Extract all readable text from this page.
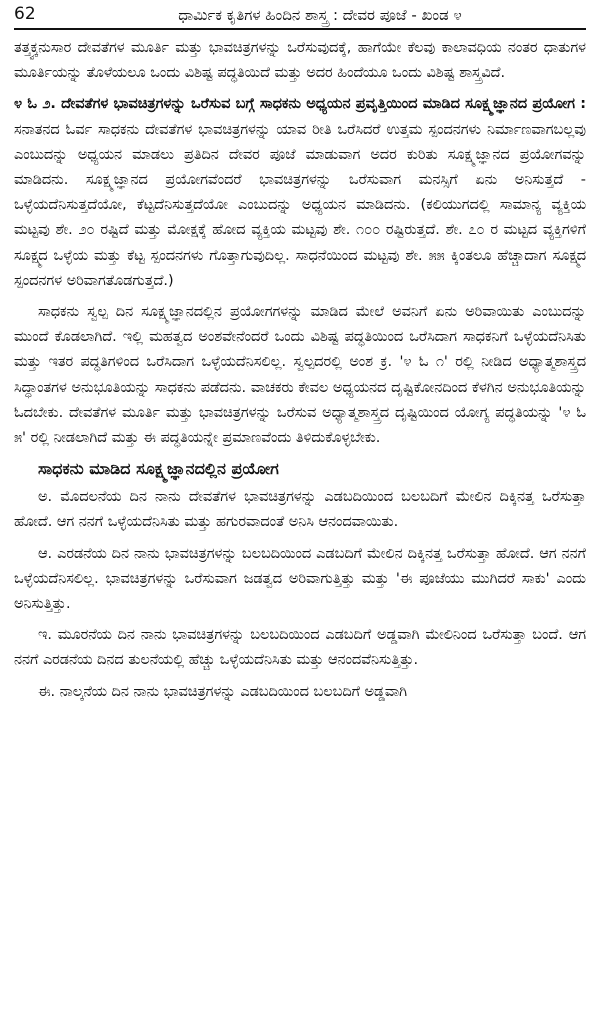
62	ಧಾರ್ಮಿಕ ಕೃತಿಗಳ ಹಿಂದಿನ ಶಾಸ್ತ್ರ : ದೇವರ ಪೂಜೆ - ಖಂಡ ೪

ತತ್ತ್ವಕ್ಕನುಸಾರ ದೇವತೆಗಳ ಮೂರ್ತಿ ಮತ್ತು ಭಾವಚಿತ್ರಗಳನ್ನು ಒರೆಸುವುದಕ್ಕೆ, ಹಾಗೆಯೇ ಕೆಲವು ಕಾಲಾವಧಿಯ ನಂತರ ಧಾತುಗಳ ಮೂರ್ತಿಯನ್ನು ತೊಳೆಯಲೂ ಒಂದು ವಿಶಿಷ್ಟ ಪದ್ಧತಿಯಿದೆ ಮತ್ತು ಅದರ ಹಿಂದೆಯೂ ಒಂದು ವಿಶಿಷ್ಟ ಶಾಸ್ತ್ರವಿದೆ.

೪ ಓ ೨. ದೇವತೆಗಳ ಭಾವಚಿತ್ರಗಳನ್ನು ಒರೆಸುವ ಬಗ್ಗೆ ಸಾಧಕನು ಅಧ್ಯಯನ ಪ್ರವೃತ್ತಿಯಿಂದ ಮಾಡಿದ ಸೂಕ್ಷ್ಮಜ್ಞಾನದ ಪ್ರಯೋಗ : ಸನಾತನದ ಓರ್ವ ಸಾಧಕನು ದೇವತೆಗಳ ಭಾವಚಿತ್ರಗಳನ್ನು ಯಾವ ರೀತಿ ಒರೆಸಿದರೆ ಉತ್ತಮ ಸ್ಪಂದನಗಳು ನಿರ್ಮಾಣವಾಗಬಲ್ಲವು ಎಂಬುದನ್ನು ಅಧ್ಯಯನ ಮಾಡಲು ಪ್ರತಿದಿನ ದೇವರ ಪೂಜೆ ಮಾಡುವಾಗ ಅದರ ಕುರಿತು ಸೂಕ್ಷ್ಮಜ್ಞಾನದ ಪ್ರಯೋಗವನ್ನು ಮಾಡಿದನು. ಸೂಕ್ಷ್ಮಜ್ಞಾನದ ಪ್ರಯೋಗವೆಂದರೆ ಭಾವಚಿತ್ರಗಳನ್ನು ಒರೆಸುವಾಗ ಮನಸ್ಸಿಗೆ ಏನು ಅನಿಸುತ್ತದೆ - ಒಳ್ಳೆಯದೆನಿಸುತ್ತದೆಯೋ, ಕೆಟ್ಟದೆನಿಸುತ್ತದೆಯೋ ಎಂಬುದನ್ನು ಅಧ್ಯಯನ ಮಾಡಿದನು. (ಕಲಿಯುಗದಲ್ಲಿ ಸಾಮಾನ್ಯ ವ್ಯಕ್ತಿಯ ಮಟ್ಟವು ಶೇ. ೨೦ ರಷ್ಟಿದೆ ಮತ್ತು ಮೋಕ್ಷಕ್ಕೆ ಹೋದ ವ್ಯಕ್ತಿಯ ಮಟ್ಟವು ಶೇ. ೧೦೦ ರಷ್ಟಿರುತ್ತದೆ. ಶೇ. ೭೦ ರ ಮಟ್ಟದ ವ್ಯಕ್ತಿಗಳಿಗೆ ಸೂಕ್ಷ್ಮದ ಒಳ್ಳೆಯ ಮತ್ತು ಕೆಟ್ಟ ಸ್ಪಂದನಗಳು ಗೊತ್ತಾಗುವುದಿಲ್ಲ. ಸಾಧನೆಯಿಂದ ಮಟ್ಟವು ಶೇ. ೫೫ ಕ್ಕಿಂತಲೂ ಹೆಚ್ಚಾದಾಗ ಸೂಕ್ಷ್ಮದ ಸ್ಪಂದನಗಳ ಅರಿವಾಗತೊಡಗುತ್ತದೆ.)

ಸಾಧಕನು ಸ್ವಲ್ಪ ದಿನ ಸೂಕ್ಷ್ಮಜ್ಞಾನದಲ್ಲಿನ ಪ್ರಯೋಗಗಳನ್ನು ಮಾಡಿದ ಮೇಲೆ ಅವನಿಗೆ ಏನು ಅರಿವಾಯಿತು ಎಂಬುದನ್ನು ಮುಂದೆ ಕೊಡಲಾಗಿದೆ. ಇಲ್ಲಿ ಮಹತ್ವದ ಅಂಶವೇನೆಂದರೆ ಒಂದು ವಿಶಿಷ್ಟ ಪದ್ಧತಿಯಿಂದ ಒರೆಸಿದಾಗ ಸಾಧಕನಿಗೆ ಒಳ್ಳೆಯದೆನಿಸಿತು ಮತ್ತು ಇತರ ಪದ್ಧತಿಗಳಿಂದ ಒರೆಸಿದಾಗ ಒಳ್ಳೆಯದೆನಿಸಲಿಲ್ಲ. ಸ್ವಲ್ಪದರಲ್ಲಿ ಅಂಶ ಕ್ರ. '೪ ಓ ೧' ರಲ್ಲಿ ನೀಡಿದ ಅಧ್ಯಾತ್ಮಶಾಸ್ತ್ರದ ಸಿದ್ಧಾಂತಗಳ ಅನುಭೂತಿಯನ್ನು ಸಾಧಕನು ಪಡೆದನು. ವಾಚಕರು ಕೇವಲ ಅಧ್ಯಯನದ ದೃಷ್ಟಿಕೋನದಿಂದ ಕೆಳಗಿನ ಅನುಭೂತಿಯನ್ನು ಓದಬೇಕು. ದೇವತೆಗಳ ಮೂರ್ತಿ ಮತ್ತು ಭಾವಚಿತ್ರಗಳನ್ನು ಒರೆಸುವ ಅಧ್ಯಾತ್ಮಶಾಸ್ತ್ರದ ದೃಷ್ಟಿಯಿಂದ ಯೋಗ್ಯ ಪದ್ಧತಿಯನ್ನು '೪ ಓ ೫' ರಲ್ಲಿ ನೀಡಲಾಗಿದೆ ಮತ್ತು ಈ ಪದ್ಧತಿಯನ್ನೇ ಪ್ರಮಾಣವೆಂದು ತಿಳಿದುಕೊಳ್ಳಬೇಕು.

ಸಾಧಕನು ಮಾಡಿದ ಸೂಕ್ಷ್ಮಜ್ಞಾನದಲ್ಲಿನ ಪ್ರಯೋಗ

ಅ. ಮೊದಲನೆಯ ದಿನ ನಾನು ದೇವತೆಗಳ ಭಾವಚಿತ್ರಗಳನ್ನು ಎಡಬದಿಯಿಂದ ಬಲಬದಿಗೆ ಮೇಲಿನ ದಿಕ್ಕಿನತ್ತ ಒರೆಸುತ್ತಾ ಹೋದೆ. ಆಗ ನನಗೆ ಒಳ್ಳೆಯದೆನಿಸಿತು ಮತ್ತು ಹಗುರವಾದಂತೆ ಅನಿಸಿ ಆನಂದವಾಯಿತು.

ಆ. ಎರಡನೆಯ ದಿನ ನಾನು ಭಾವಚಿತ್ರಗಳನ್ನು ಬಲಬದಿಯಿಂದ ಎಡಬದಿಗೆ ಮೇಲಿನ ದಿಕ್ಕಿನತ್ತ ಒರೆಸುತ್ತಾ ಹೋದೆ. ಆಗ ನನಗೆ ಒಳ್ಳೆಯದೆನಿಸಲಿಲ್ಲ. ಭಾವಚಿತ್ರಗಳನ್ನು ಒರೆಸುವಾಗ ಜಡತ್ವದ ಅರಿವಾಗುತ್ತಿತ್ತು ಮತ್ತು 'ಈ ಪೂಜೆಯು ಮುಗಿದರೆ ಸಾಕು' ಎಂದು ಅನಿಸುತ್ತಿತ್ತು.

ಇ. ಮೂರನೆಯ ದಿನ ನಾನು ಭಾವಚಿತ್ರಗಳನ್ನು ಬಲಬದಿಯಿಂದ ಎಡಬದಿಗೆ ಅಡ್ಡವಾಗಿ ಮೇಲಿನಿಂದ ಒರೆಸುತ್ತಾ ಬಂದೆ. ಆಗ ನನಗೆ ಎರಡನೆಯ ದಿನದ ತುಲನೆಯಲ್ಲಿ ಹೆಚ್ಚು ಒಳ್ಳೆಯದೆನಿಸಿತು ಮತ್ತು ಆನಂದವೆನಿಸುತ್ತಿತ್ತು.

ಈ. ನಾಲ್ಕನೆಯ ದಿನ ನಾನು ಭಾವಚಿತ್ರಗಳನ್ನು ಎಡಬದಿಯಿಂದ ಬಲಬದಿಗೆ ಅಡ್ಡವಾಗಿ
